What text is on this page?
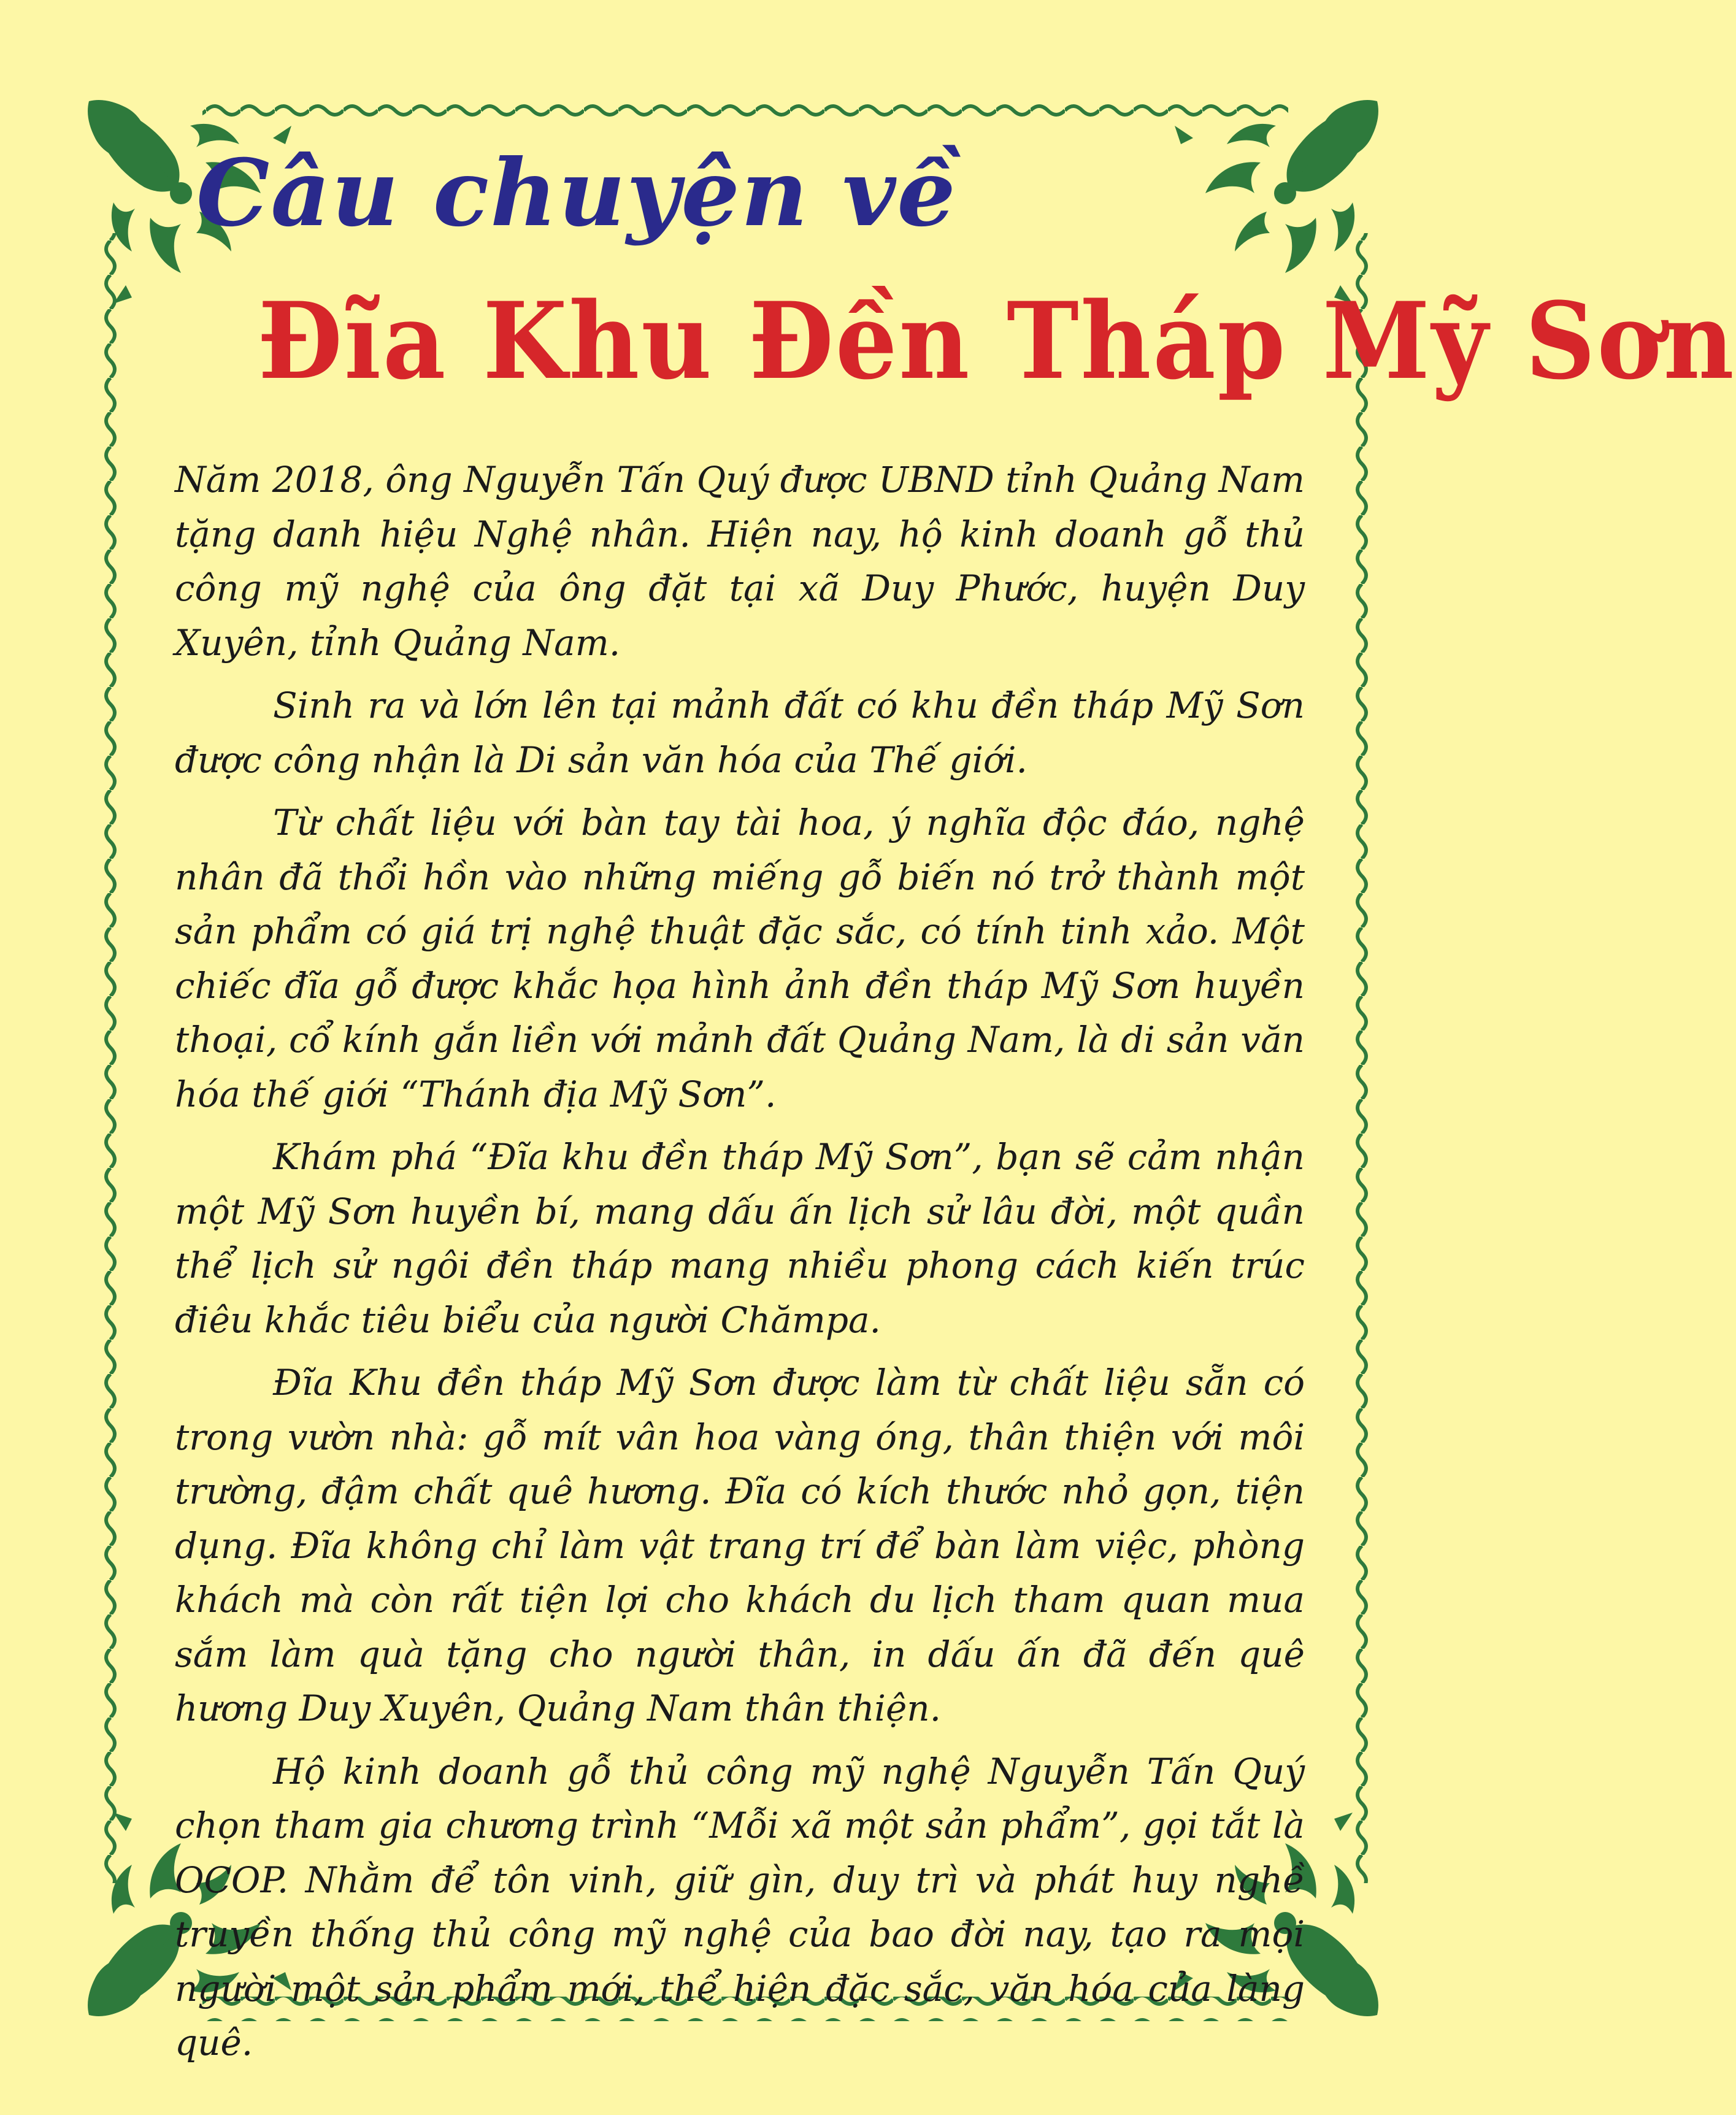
Câu chuyện về
Đĩa Khu Đền Tháp Mỹ Sơn

Năm 2018, ông Nguyễn Tấn Quý được UBND tỉnh Quảng Nam tặng danh hiệu Nghệ nhân. Hiện nay, hộ kinh doanh gỗ thủ công mỹ nghệ của ông đặt tại xã Duy Phước, huyện Duy Xuyên, tỉnh Quảng Nam.

Sinh ra và lớn lên tại mảnh đất có khu đền tháp Mỹ Sơn được công nhận là Di sản văn hóa của Thế giới.

Từ chất liệu với bàn tay tài hoa, ý nghĩa độc đáo, nghệ nhân đã thổi hồn vào những miếng gỗ biến nó trở thành một sản phẩm có giá trị nghệ thuật đặc sắc, có tính tinh xảo. Một chiếc đĩa gỗ được khắc họa hình ảnh đền tháp Mỹ Sơn huyền thoại, cổ kính gắn liền với mảnh đất Quảng Nam, là di sản văn hóa thế giới “Thánh địa Mỹ Sơn”.

Khám phá “Đĩa khu đền tháp Mỹ Sơn”, bạn sẽ cảm nhận một Mỹ Sơn huyền bí, mang dấu ấn lịch sử lâu đời, một quần thể lịch sử ngôi đền tháp mang nhiều phong cách kiến trúc điêu khắc tiêu biểu của người Chămpa.

Đĩa Khu đền tháp Mỹ Sơn được làm từ chất liệu sẵn có trong vườn nhà: gỗ mít vân hoa vàng óng, thân thiện với môi trường, đậm chất quê hương. Đĩa có kích thước nhỏ gọn, tiện dụng. Đĩa không chỉ làm vật trang trí để bàn làm việc, phòng khách mà còn rất tiện lợi cho khách du lịch tham quan mua sắm làm quà tặng cho người thân, in dấu ấn đã đến quê hương Duy Xuyên, Quảng Nam thân thiện.

Hộ kinh doanh gỗ thủ công mỹ nghệ Nguyễn Tấn Quý chọn tham gia chương trình “Mỗi xã một sản phẩm”, gọi tắt là OCOP. Nhằm để tôn vinh, giữ gìn, duy trì và phát huy nghề truyền thống thủ công mỹ nghệ của bao đời nay, tạo ra mọi người một sản phẩm mới, thể hiện đặc sắc, văn hóa của làng quê.
